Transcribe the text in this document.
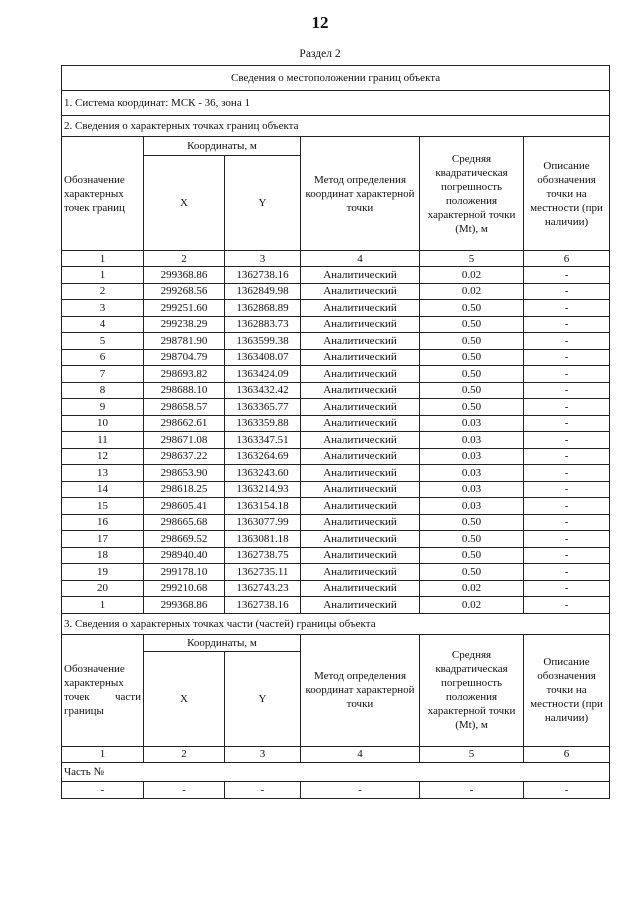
12
Раздел 2
Сведения о местоположении границ объекта					
1. Система координат: МСК - 36, зона 1					
2. Сведения о характерных точках границ объекта					
Обозначение характерных точек границ	Координаты, м		Метод определения координат характерной точки	Средняя квадратическая погрешность положения характерной точки (Mt), м	Описание обозначения точки на местности (при наличии)
	X	Y			
1	2	3	4	5	6
1	299368.86	1362738.16	Аналитический	0.02	-
2	299268.56	1362849.98	Аналитический	0.02	-
3	299251.60	1362868.89	Аналитический	0.50	-
4	299238.29	1362883.73	Аналитический	0.50	-
5	298781.90	1363599.38	Аналитический	0.50	-
6	298704.79	1363408.07	Аналитический	0.50	-
7	298693.82	1363424.09	Аналитический	0.50	-
8	298688.10	1363432.42	Аналитический	0.50	-
9	298658.57	1363365.77	Аналитический	0.50	-
10	298662.61	1363359.88	Аналитический	0.03	-
11	298671.08	1363347.51	Аналитический	0.03	-
12	298637.22	1363264.69	Аналитический	0.03	-
13	298653.90	1363243.60	Аналитический	0.03	-
14	298618.25	1363214.93	Аналитический	0.03	-
15	298605.41	1363154.18	Аналитический	0.03	-
16	298665.68	1363077.99	Аналитический	0.50	-
17	298669.52	1363081.18	Аналитический	0.50	-
18	298940.40	1362738.75	Аналитический	0.50	-
19	299178.10	1362735.11	Аналитический	0.50	-
20	299210.68	1362743.23	Аналитический	0.02	-
1	299368.86	1362738.16	Аналитический	0.02	-
3. Сведения о характерных точках части (частей) границы объекта					
Обозначение характерных точек части границы	Координаты, м		Метод определения координат характерной точки	Средняя квадратическая погрешность положения характерной точки (Mt), м	Описание обозначения точки на местности (при наличии)
	X	Y			
1	2	3	4	5	6
Часть №					
-	-	-	-	-	-
